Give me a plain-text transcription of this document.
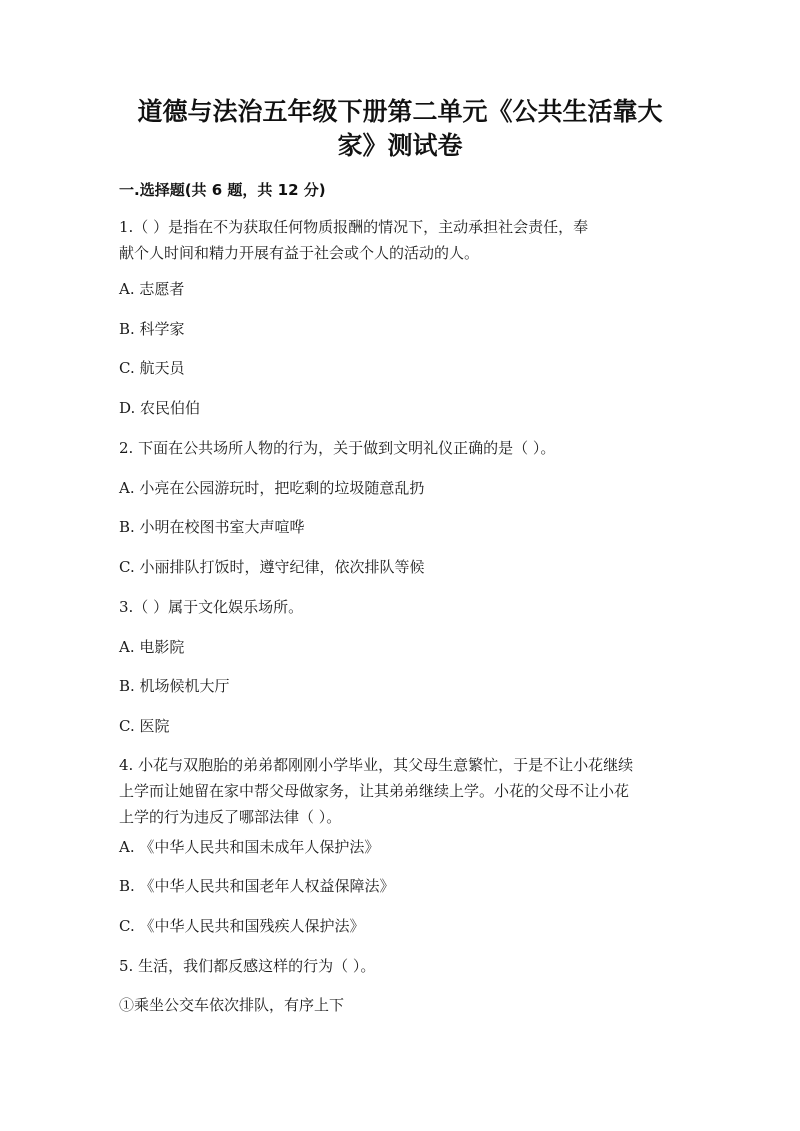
道德与法治五年级下册第二单元《公共生活靠大
家》测试卷
一.选择题(共 6 题，共 12 分)
1.（ ）是指在不为获取任何物质报酬的情况下，主动承担社会责任，奉
献个人时间和精力开展有益于社会或个人的活动的人。
A. 志愿者
B. 科学家
C. 航天员
D. 农民伯伯
2. 下面在公共场所人物的行为，关于做到文明礼仪正确的是（ ）。
A. 小亮在公园游玩时，把吃剩的垃圾随意乱扔
B. 小明在校图书室大声喧哗
C. 小丽排队打饭时，遵守纪律，依次排队等候
3.（ ）属于文化娱乐场所。
A. 电影院
B. 机场候机大厅
C. 医院
4. 小花与双胞胎的弟弟都刚刚小学毕业，其父母生意繁忙，于是不让小花继续
上学而让她留在家中帮父母做家务，让其弟弟继续上学。小花的父母不让小花
上学的行为违反了哪部法律（ ）。
A. 《中华人民共和国未成年人保护法》
B. 《中华人民共和国老年人权益保障法》
C. 《中华人民共和国残疾人保护法》
5. 生活，我们都反感这样的行为（ ）。
①乘坐公交车依次排队，有序上下
